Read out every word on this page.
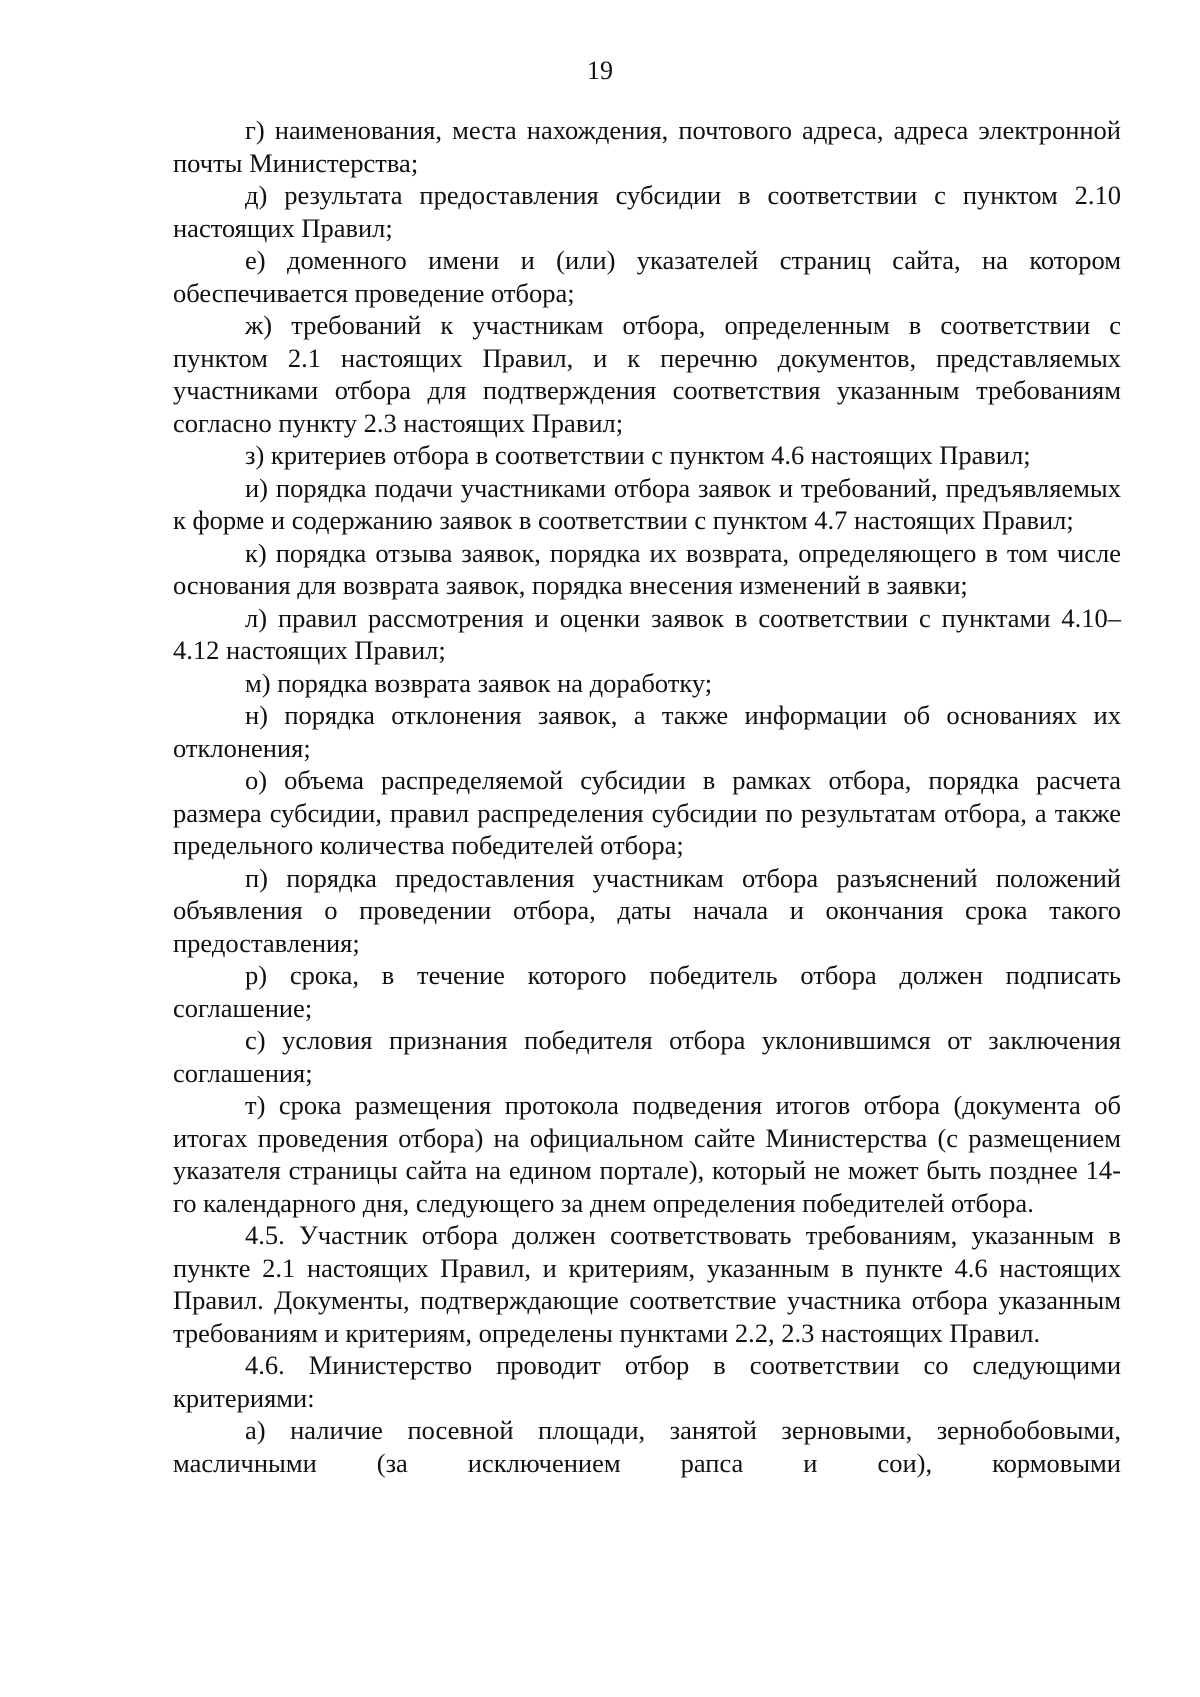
19

г) наименования, места нахождения, почтового адреса, адреса электронной почты Министерства;

д) результата предоставления субсидии в соответствии с пунктом 2.10 настоящих Правил;

е) доменного имени и (или) указателей страниц сайта, на котором обеспечивается проведение отбора;

ж) требований к участникам отбора, определенным в соответствии с пунктом 2.1 настоящих Правил, и к перечню документов, представляемых участниками отбора для подтверждения соответствия указанным требованиям согласно пункту 2.3 настоящих Правил;

з) критериев отбора в соответствии с пунктом 4.6 настоящих Правил;

и) порядка подачи участниками отбора заявок и требований, предъявляемых к форме и содержанию заявок в соответствии с пунктом 4.7 настоящих Правил;

к) порядка отзыва заявок, порядка их возврата, определяющего в том числе основания для возврата заявок, порядка внесения изменений в заявки;

л) правил рассмотрения и оценки заявок в соответствии с пунктами 4.10–4.12 настоящих Правил;

м) порядка возврата заявок на доработку;

н) порядка отклонения заявок, а также информации об основаниях их отклонения;

о) объема распределяемой субсидии в рамках отбора, порядка расчета размера субсидии, правил распределения субсидии по результатам отбора, а также предельного количества победителей отбора;

п) порядка предоставления участникам отбора разъяснений положений объявления о проведении отбора, даты начала и окончания срока такого предоставления;

р) срока, в течение которого победитель отбора должен подписать соглашение;

с) условия признания победителя отбора уклонившимся от заключения соглашения;

т) срока размещения протокола подведения итогов отбора (документа об итогах проведения отбора) на официальном сайте Министерства (с размещением указателя страницы сайта на едином портале), который не может быть позднее 14-го календарного дня, следующего за днем определения победителей отбора.

4.5. Участник отбора должен соответствовать требованиям, указанным в пункте 2.1 настоящих Правил, и критериям, указанным в пункте 4.6 настоящих Правил. Документы, подтверждающие соответствие участника отбора указанным требованиям и критериям, определены пунктами 2.2, 2.3 настоящих Правил.

4.6. Министерство проводит отбор в соответствии со следующими критериями:

а) наличие посевной площади, занятой зерновыми, зернобобовыми, масличными (за исключением рапса и сои), кормовыми
